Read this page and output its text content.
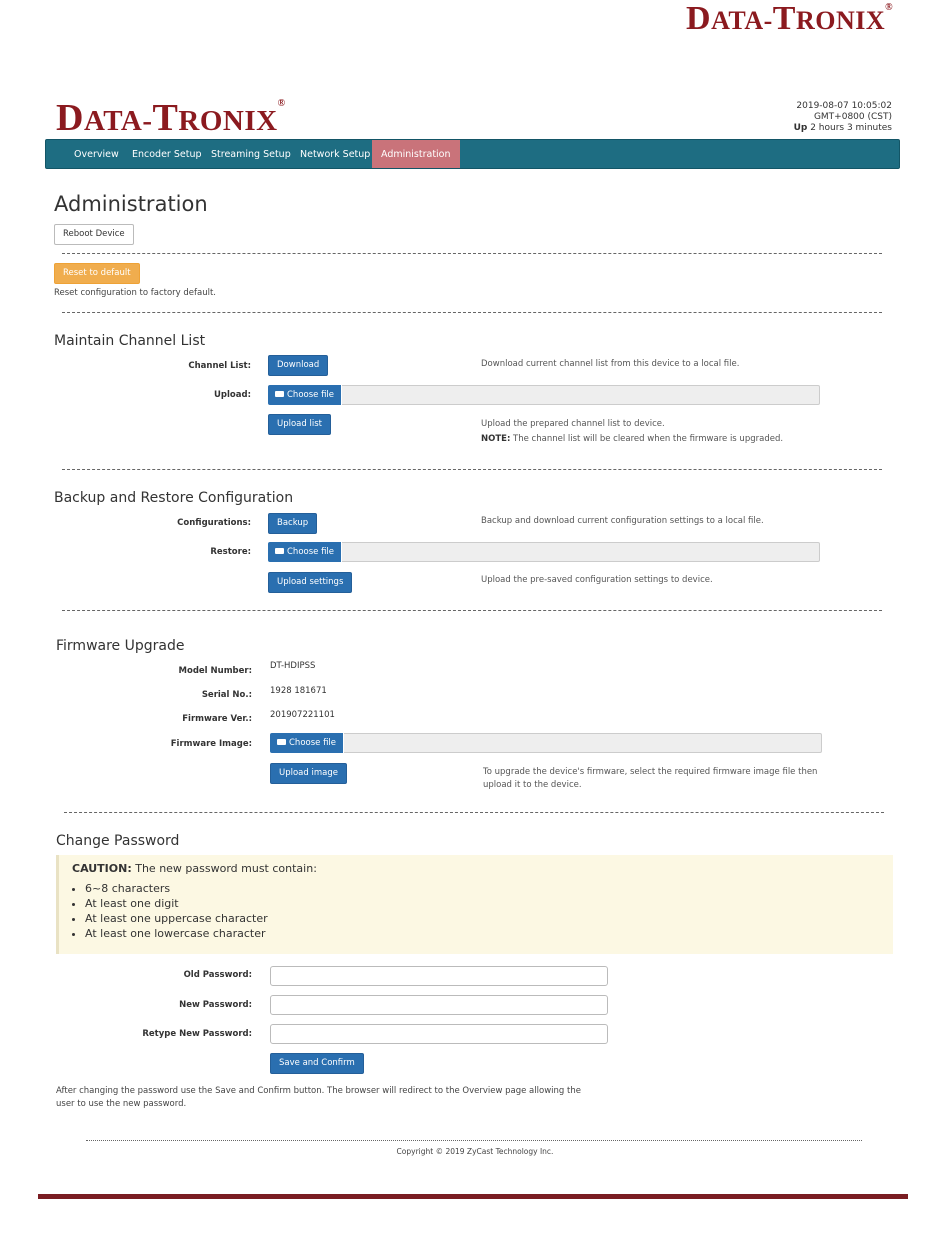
DATA-TRONIX®
DATA-TRONIX®	2019-08-07 10:05:02
GMT+0800 (CST)
Up 2 hours 3 minutes
Overview	Encoder Setup Streaming Setup Network Setup	Administration
Administration
Reboot Device
Reset to default
Reset configuration to factory default.
Maintain Channel List
Channel List:	Download	Download current channel list from this device to a local file.
Upload:	Choose file
Upload list	Upload the prepared channel list to device.
NOTE: The channel list will be cleared when the firmware is upgraded.
Backup and Restore Configuration
Configurations:	Backup	Backup and download current configuration settings to a local file.
Restore:	Choose file
Upload settings	Upload the pre-saved configuration settings to device.
Firmware Upgrade
Model Number: DT-HDIPSS
Serial No.: 1928 181671
Firmware Ver.: 201907221101
Firmware Image:	Choose file
Upload image	To upgrade the device's firmware, select the required firmware image file then
upload it to the device.
Change Password
CAUTION: The new password must contain:
• 6~8 characters
• At least one digit
• At least one uppercase character
• At least one lowercase character
Old Password:
New Password:
Retype New Password:
Save and Confirm
After changing the password use the Save and Confirm button. The browser will redirect to the Overview page allowing the
user to use the new password.
Copyright © 2019 ZyCast Technology Inc.
